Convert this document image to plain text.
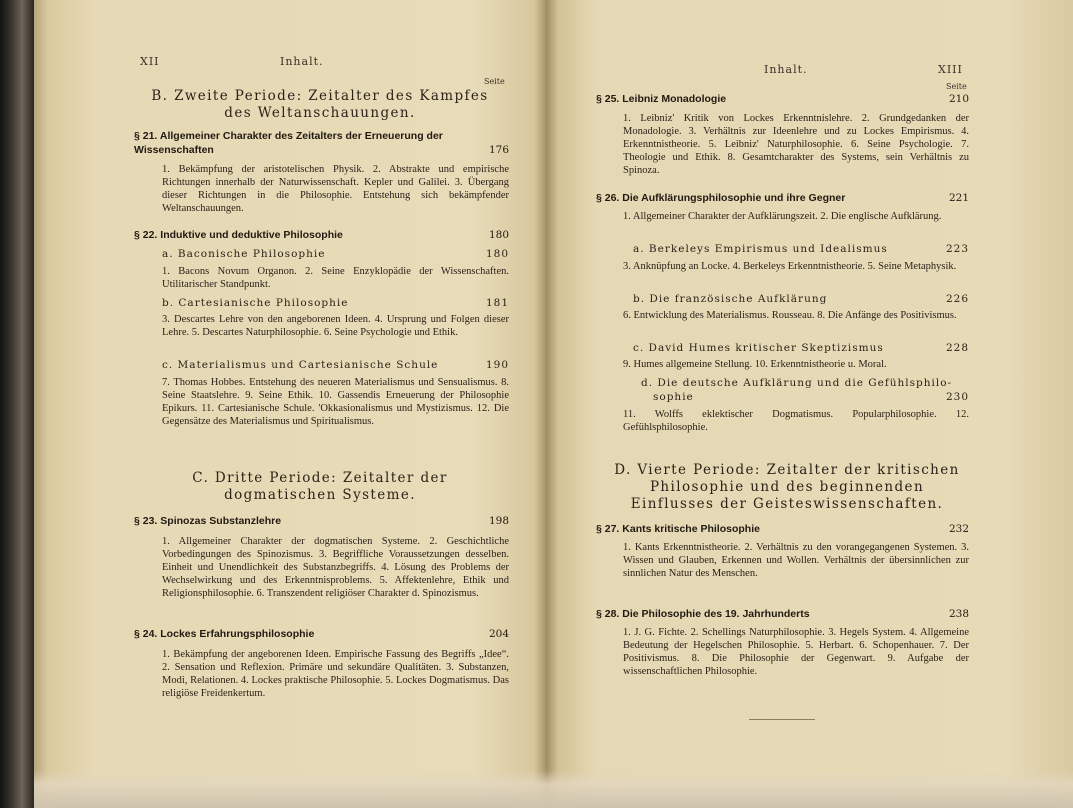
XII	Inhalt.
Seite
B. Zweite Periode: Zeitalter des Kampfes des Weltanschauungen.
§ 21. Allgemeiner Charakter des Zeitalters der Erneuerung der Wissenschaften	176
1. Bekämpfung der aristotelischen Physik. 2. Abstrakte und empirische Richtungen innerhalb der Naturwissenschaft. Kepler und Galilei. 3. Übergang dieser Richtungen in die Philosophie. Entstehung sich bekämpfender Weltanschauungen.
§ 22. Induktive und deduktive Philosophie	180
a. Baconische Philosophie	180
1. Bacons Novum Organon. 2. Seine Enzyklopädie der Wissenschaften. Utilitarischer Standpunkt.
b. Cartesianische Philosophie	181
3. Descartes Lehre von den angeborenen Ideen. 4. Ursprung und Folgen dieser Lehre. 5. Descartes Naturphilosophie. 6. Seine Psychologie und Ethik.
c. Materialismus und Cartesianische Schule	190
7. Thomas Hobbes. Entstehung des neueren Materialismus und Sensualismus. 8. Seine Staatslehre. 9. Seine Ethik. 10. Gassendis Erneuerung der Philosophie Epikurs. 11. Cartesianische Schule. 'Okkasionalismus und Mystizismus. 12. Die Gegensätze des Materialismus und Spiritualismus.
C. Dritte Periode: Zeitalter der dogmatischen Systeme.
§ 23. Spinozas Substanzlehre	198
1. Allgemeiner Charakter der dogmatischen Systeme. 2. Geschichtliche Vorbedingungen des Spinozismus. 3. Begriffliche Voraussetzungen desselben. Einheit und Unendlichkeit des Substanzbegriffs. 4. Lösung des Problems der Wechselwirkung und des Erkenntnisproblems. 5. Affektenlehre, Ethik und Religionsphilosophie. 6. Transzendent religiöser Charakter d. Spinozismus.
§ 24. Lockes Erfahrungsphilosophie	204
1. Bekämpfung der angeborenen Ideen. Empirische Fassung des Begriffs „Idee“. 2. Sensation und Reflexion. Primäre und sekundäre Qualitäten. 3. Substanzen, Modi, Relationen. 4. Lockes praktische Philosophie. 5. Lockes Dogmatismus. Das religiöse Freidenkertum.
Inhalt.	XIII
Seite
§ 25. Leibniz Monadologie	210
1. Leibniz' Kritik von Lockes Erkenntnislehre. 2. Grundgedanken der Monadologie. 3. Verhältnis zur Ideenlehre und zu Lockes Empirismus. 4. Erkenntnistheorie. 5. Leibniz' Naturphilosophie. 6. Seine Psychologie. 7. Theologie und Ethik. 8. Gesamtcharakter des Systems, sein Verhältnis zu Spinoza.
§ 26. Die Aufklärungsphilosophie und ihre Gegner	221
1. Allgemeiner Charakter der Aufklärungszeit. 2. Die englische Aufklärung.
a. Berkeleys Empirismus und Idealismus	223
3. Anknüpfung an Locke. 4. Berkeleys Erkenntnistheorie. 5. Seine Metaphysik.
b. Die französische Aufklärung	226
6. Entwicklung des Materialismus. Rousseau. 8. Die Anfänge des Positivismus.
c. David Humes kritischer Skeptizismus	228
9. Humes allgemeine Stellung. 10. Erkenntnistheorie u. Moral.
d. Die deutsche Aufklärung und die Gefühlsphilo-
sophie	230
11. Wolffs eklektischer Dogmatismus. Popularphilosophie. 12. Gefühlsphilosophie.
D. Vierte Periode: Zeitalter der kritischen Philosophie und des beginnenden Einflusses der Geisteswissenschaften.
§ 27. Kants kritische Philosophie	232
1. Kants Erkenntnistheorie. 2. Verhältnis zu den vorangegangenen Systemen. 3. Wissen und Glauben, Erkennen und Wollen. Verhältnis der übersinnlichen zur sinnlichen Natur des Menschen.
§ 28. Die Philosophie des 19. Jahrhunderts	238
1. J. G. Fichte. 2. Schellings Naturphilosophie. 3. Hegels System. 4. Allgemeine Bedeutung der Hegelschen Philosophie. 5. Herbart. 6. Schopenhauer. 7. Der Positivismus. 8. Die Philosophie der Gegenwart. 9. Aufgabe der wissenschaftlichen Philosophie.
